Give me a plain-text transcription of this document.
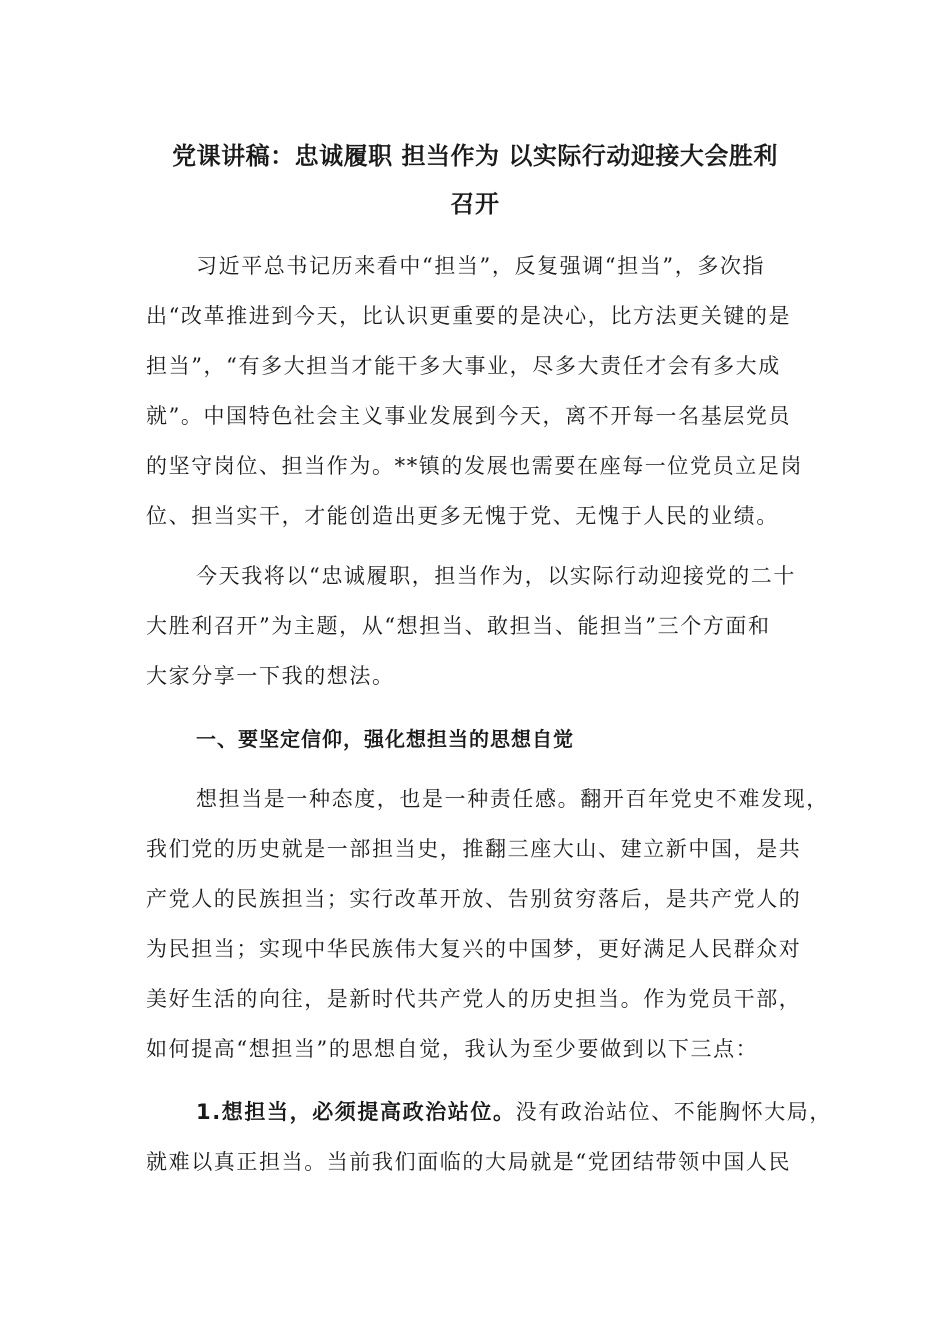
党课讲稿：忠诚履职 担当作为 以实际行动迎接大会胜利
召开
习近平总书记历来看中“担当”，反复强调“担当”，多次指
出“改革推进到今天，比认识更重要的是决心，比方法更关键的是
担当”，“有多大担当才能干多大事业，尽多大责任才会有多大成
就”。中国特色社会主义事业发展到今天，离不开每一名基层党员
的坚守岗位、担当作为。**镇的发展也需要在座每一位党员立足岗
位、担当实干，才能创造出更多无愧于党、无愧于人民的业绩。
今天我将以“忠诚履职，担当作为，以实际行动迎接党的二十
大胜利召开”为主题，从“想担当、敢担当、能担当”三个方面和
大家分享一下我的想法。
一、要坚定信仰，强化想担当的思想自觉
想担当是一种态度，也是一种责任感。翻开百年党史不难发现，
我们党的历史就是一部担当史，推翻三座大山、建立新中国，是共
产党人的民族担当；实行改革开放、告别贫穷落后，是共产党人的
为民担当；实现中华民族伟大复兴的中国梦，更好满足人民群众对
美好生活的向往，是新时代共产党人的历史担当。作为党员干部，
如何提高“想担当”的思想自觉，我认为至少要做到以下三点：
1.想担当，必须提高政治站位。没有政治站位、不能胸怀大局，
就难以真正担当。当前我们面临的大局就是“党团结带领中国人民
